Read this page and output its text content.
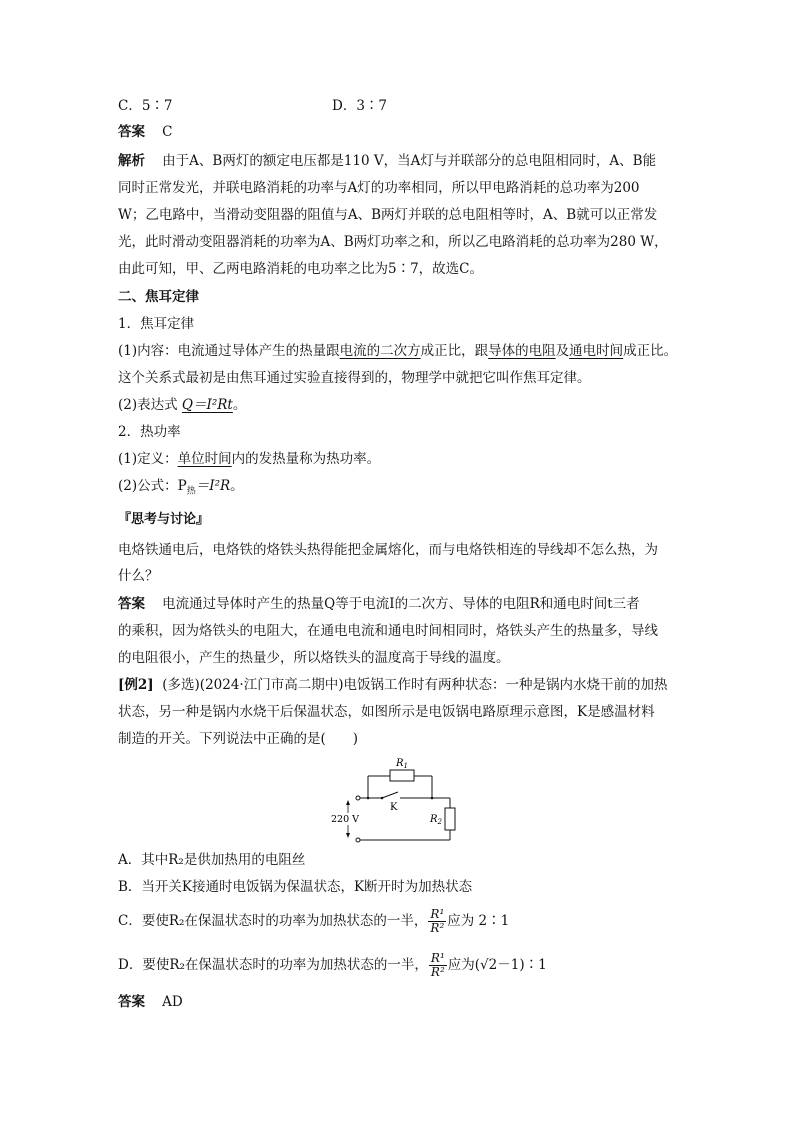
C．5∶7	D．3∶7
答案 C
解析 由于A、B两灯的额定电压都是110 V，当A灯与并联部分的总电阻相同时，A、B能
同时正常发光，并联电路消耗的功率与A灯的功率相同，所以甲电路消耗的总功率为200
W；乙电路中，当滑动变阻器的阻值与A、B两灯并联的总电阻相等时，A、B就可以正常发
光，此时滑动变阻器消耗的功率为A、B两灯功率之和，所以乙电路消耗的总功率为280 W，
由此可知，甲、乙两电路消耗的电功率之比为5∶7，故选C。
二、焦耳定律
1．焦耳定律
(1)内容：电流通过导体产生的热量跟电流的二次方成正比，跟导体的电阻及通电时间成正比。
这个关系式最初是由焦耳通过实验直接得到的，物理学中就把它叫作焦耳定律。
(2)表达式 Q＝I²Rt。
2．热功率
(1)定义：单位时间内的发热量称为热功率。
(2)公式：$P_热=I^2R$。
『思考与讨论』
电烙铁通电后，电烙铁的烙铁头热得能把金属熔化，而与电烙铁相连的导线却不怎么热，为
什么？
答案 电流通过导体时产生的热量Q等于电流I的二次方、导体的电阻R和通电时间t三者
的乘积，因为烙铁头的电阻大，在通电电流和通电时间相同时，烙铁头产生的热量多，导线
的电阻很小，产生的热量少，所以烙铁头的温度高于导线的温度。
[例2] (多选)(2024·江门市高二期中)电饭锅工作时有两种状态：一种是锅内水烧干前的加热
状态，另一种是锅内水烧干后保温状态，如图所示是电饭锅电路原理示意图，K是感温材料
制造的开关。下列说法中正确的是(　　)
$R_1$
K
$R_2$
220 V
A．其中R₂是供加热用的电阻丝
B．当开关K接通时电饭锅为保温状态，K断开时为加热状态
C．要使R₂在保温状态时的功率为加热状态的一半， $\frac{\text{R¹}}{\text{R²}}$ 应为 2∶1
D．要使R₂在保温状态时的功率为加热状态的一半， $\frac{\text{R¹}}{\text{R²}}$ 应为(√2－1)∶1
答案 AD
